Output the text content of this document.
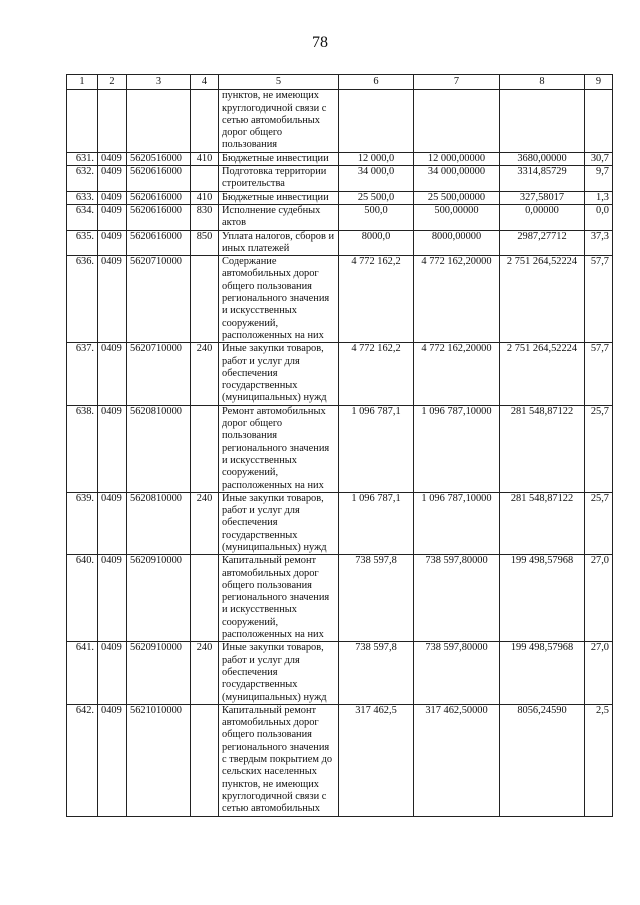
78
1	2	3	4	5	6	7	8	9
				пунктов, не имеющих круглогодичной связи с сетью автомобильных дорог общего пользования				
631.	0409	5620516000	410	Бюджетные инвестиции	12 000,0	12 000,00000	3680,00000	30,7
632.	0409	5620616000		Подготовка территории строительства	34 000,0	34 000,00000	3314,85729	9,7
633.	0409	5620616000	410	Бюджетные инвестиции	25 500,0	25 500,00000	327,58017	1,3
634.	0409	5620616000	830	Исполнение судебных актов	500,0	500,00000	0,00000	0,0
635.	0409	5620616000	850	Уплата налогов, сборов и иных платежей	8000,0	8000,00000	2987,27712	37,3
636.	0409	5620710000		Содержание автомобильных дорог общего пользования регионального значения и искусственных сооружений, расположенных на них	4 772 162,2	4 772 162,20000	2 751 264,52224	57,7
637.	0409	5620710000	240	Иные закупки товаров, работ и услуг для обеспечения государственных (муниципальных) нужд	4 772 162,2	4 772 162,20000	2 751 264,52224	57,7
638.	0409	5620810000		Ремонт автомобильных дорог общего пользования регионального значения и искусственных сооружений, расположенных на них	1 096 787,1	1 096 787,10000	281 548,87122	25,7
639.	0409	5620810000	240	Иные закупки товаров, работ и услуг для обеспечения государственных (муниципальных) нужд	1 096 787,1	1 096 787,10000	281 548,87122	25,7
640.	0409	5620910000		Капитальный ремонт автомобильных дорог общего пользования регионального значения и искусственных сооружений, расположенных на них	738 597,8	738 597,80000	199 498,57968	27,0
641.	0409	5620910000	240	Иные закупки товаров, работ и услуг для обеспечения государственных (муниципальных) нужд	738 597,8	738 597,80000	199 498,57968	27,0
642.	0409	5621010000		Капитальный ремонт автомобильных дорог общего пользования регионального значения с твердым покрытием до сельских населенных пунктов, не имеющих круглогодичной связи с сетью автомобильных	317 462,5	317 462,50000	8056,24590	2,5
